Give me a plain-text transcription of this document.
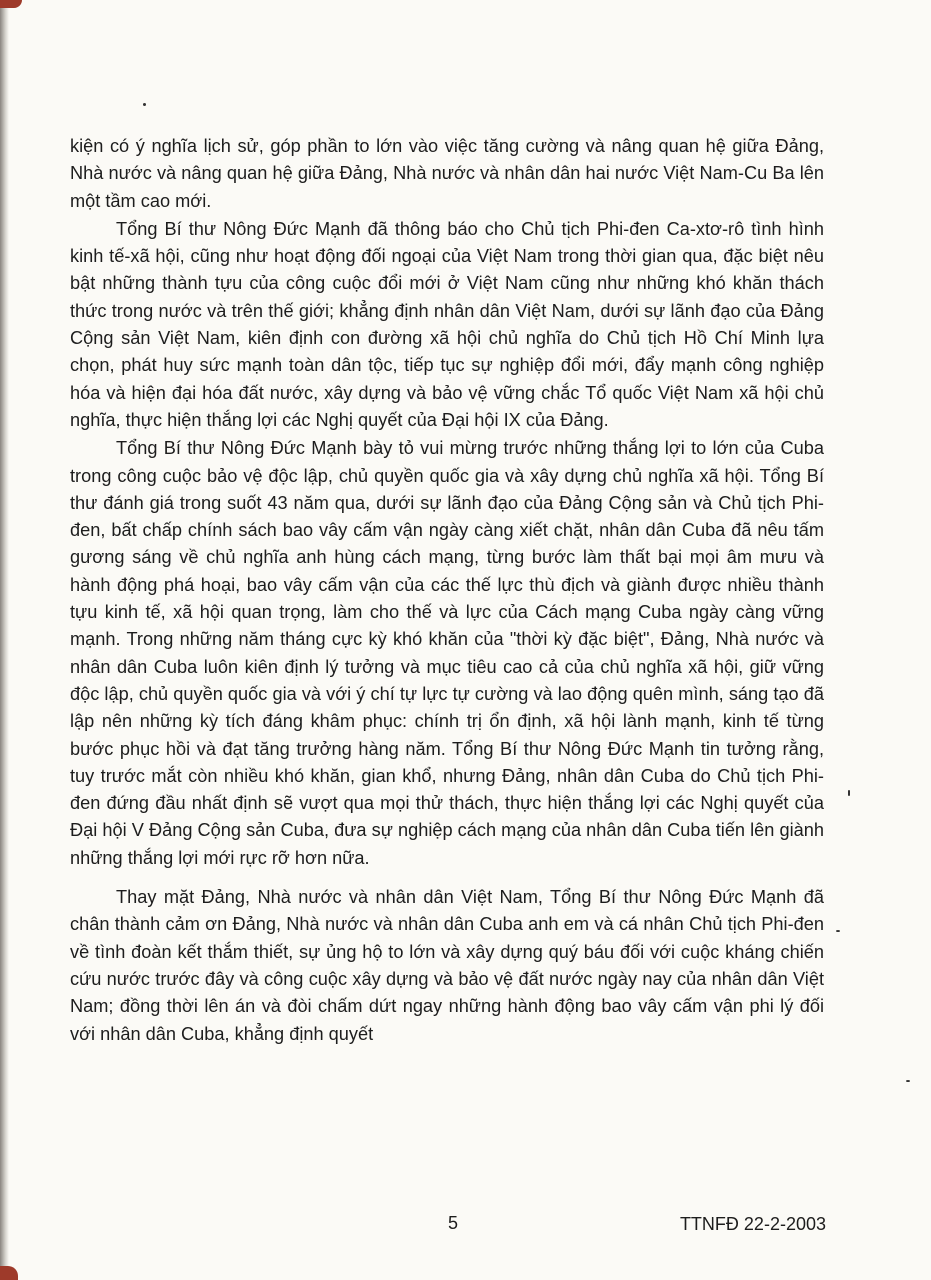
kiện có ý nghĩa lịch sử, góp phần to lớn vào việc tăng cường và nâng quan hệ giữa Đảng, Nhà nước và nâng quan hệ giữa Đảng, Nhà nước và nhân dân hai nước Việt Nam-Cu Ba lên một tầm cao mới.

Tổng Bí thư Nông Đức Mạnh đã thông báo cho Chủ tịch Phi-đen Ca-xtơ-rô tình hình kinh tế-xã hội, cũng như hoạt động đối ngoại của Việt Nam trong thời gian qua, đặc biệt nêu bật những thành tựu của công cuộc đổi mới ở Việt Nam cũng như những khó khăn thách thức trong nước và trên thế giới; khẳng định nhân dân Việt Nam, dưới sự lãnh đạo của Đảng Cộng sản Việt Nam, kiên định con đường xã hội chủ nghĩa do Chủ tịch Hồ Chí Minh lựa chọn, phát huy sức mạnh toàn dân tộc, tiếp tục sự nghiệp đổi mới, đẩy mạnh công nghiệp hóa và hiện đại hóa đất nước, xây dựng và bảo vệ vững chắc Tổ quốc Việt Nam xã hội chủ nghĩa, thực hiện thắng lợi các Nghị quyết của Đại hội IX của Đảng.

Tổng Bí thư Nông Đức Mạnh bày tỏ vui mừng trước những thắng lợi to lớn của Cuba trong công cuộc bảo vệ độc lập, chủ quyền quốc gia và xây dựng chủ nghĩa xã hội. Tổng Bí thư đánh giá trong suốt 43 năm qua, dưới sự lãnh đạo của Đảng Cộng sản và Chủ tịch Phi-đen, bất chấp chính sách bao vây cấm vận ngày càng xiết chặt, nhân dân Cuba đã nêu tấm gương sáng về chủ nghĩa anh hùng cách mạng, từng bước làm thất bại mọi âm mưu và hành động phá hoại, bao vây cấm vận của các thế lực thù địch và giành được nhiều thành tựu kinh tế, xã hội quan trọng, làm cho thế và lực của Cách mạng Cuba ngày càng vững mạnh. Trong những năm tháng cực kỳ khó khăn của "thời kỳ đặc biệt", Đảng, Nhà nước và nhân dân Cuba luôn kiên định lý tưởng và mục tiêu cao cả của chủ nghĩa xã hội, giữ vững độc lập, chủ quyền quốc gia và với ý chí tự lực tự cường và lao động quên mình, sáng tạo đã lập nên những kỳ tích đáng khâm phục: chính trị ổn định, xã hội lành mạnh, kinh tế từng bước phục hồi và đạt tăng trưởng hàng năm. Tổng Bí thư Nông Đức Mạnh tin tưởng rằng, tuy trước mắt còn nhiều khó khăn, gian khổ, nhưng Đảng, nhân dân Cuba do Chủ tịch Phi-đen đứng đầu nhất định sẽ vượt qua mọi thử thách, thực hiện thắng lợi các Nghị quyết của Đại hội V Đảng Cộng sản Cuba, đưa sự nghiệp cách mạng của nhân dân Cuba tiến lên giành những thắng lợi mới rực rỡ hơn nữa.

Thay mặt Đảng, Nhà nước và nhân dân Việt Nam, Tổng Bí thư Nông Đức Mạnh đã chân thành cảm ơn Đảng, Nhà nước và nhân dân Cuba anh em và cá nhân Chủ tịch Phi-đen về tình đoàn kết thắm thiết, sự ủng hộ to lớn và xây dựng quý báu đối với cuộc kháng chiến cứu nước trước đây và công cuộc xây dựng và bảo vệ đất nước ngày nay của nhân dân Việt Nam; đồng thời lên án và đòi chấm dứt ngay những hành động bao vây cấm vận phi lý đối với nhân dân Cuba, khẳng định quyết

5	TTNFĐ 22-2-2003
